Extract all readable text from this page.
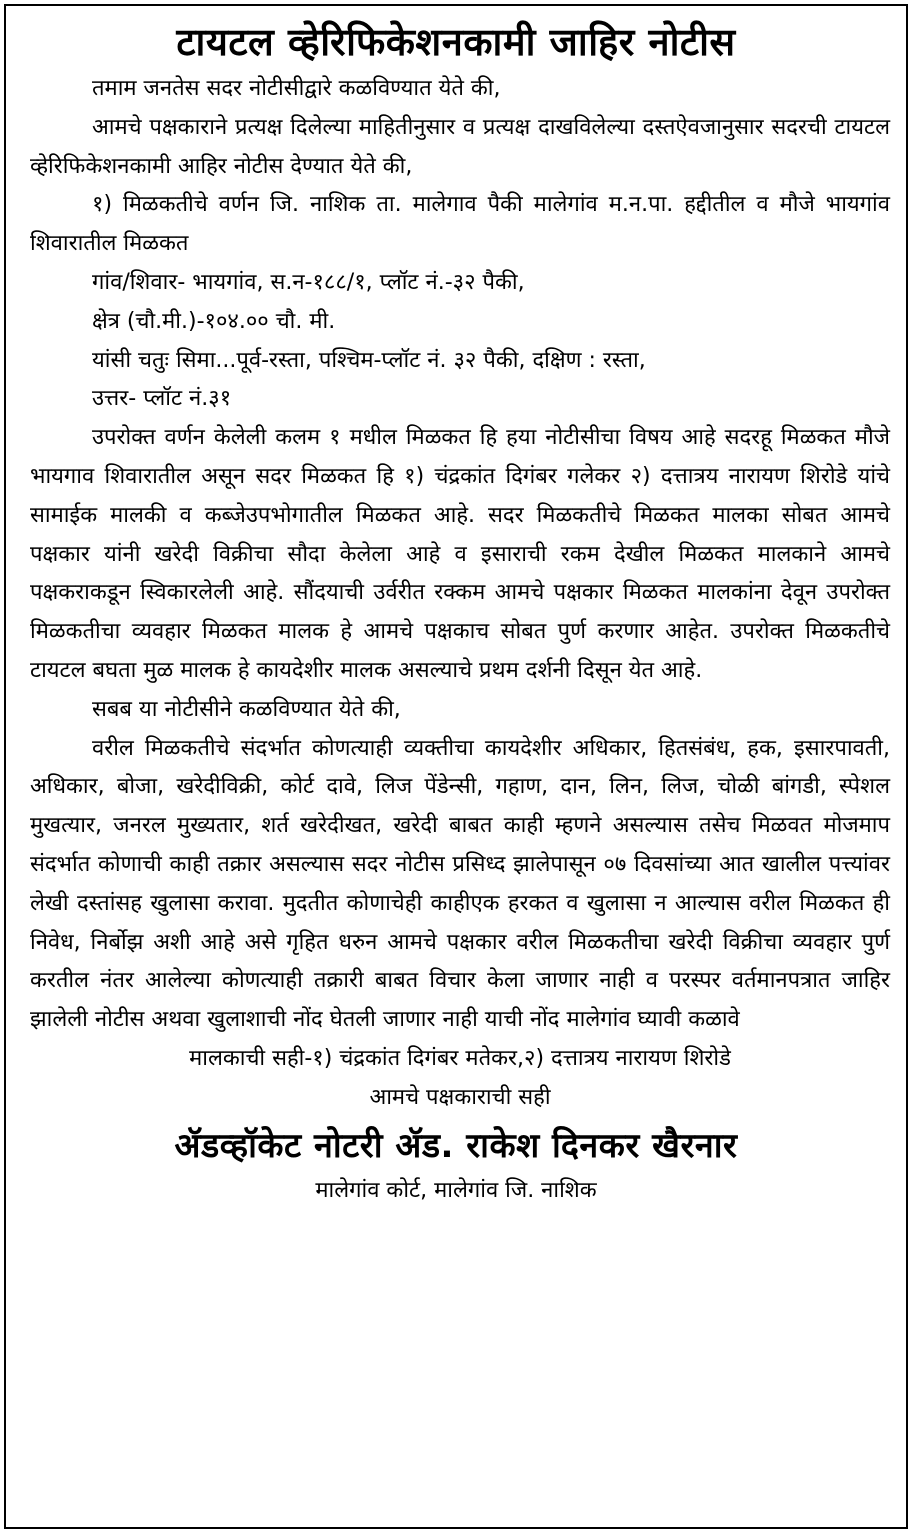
टायटल व्हेरिफिकेशनकामी जाहिर नोटीस

तमाम जनतेस सदर नोटीसीद्वारे कळविण्यात येते की,

आमचे पक्षकाराने प्रत्यक्ष दिलेल्या माहितीनुसार व प्रत्यक्ष दाखविलेल्या दस्तऐवजानुसार सदरची टायटल व्हेरिफिकेशनकामी आहिर नोटीस देण्यात येते की,

१) मिळकतीचे वर्णन जि. नाशिक ता. मालेगाव पैकी मालेगांव म.न.पा. हद्दीतील व मौजे भायगांव शिवारातील मिळकत

गांव/शिवार- भायगांव, स.न-१८८/१, प्लॉट नं.-३२ पैकी,

क्षेत्र (चौ.मी.)-१०४.०० चौ. मी.

यांसी चतुः सिमा...पूर्व-रस्ता, पश्चिम-प्लॉट नं. ३२ पैकी, दक्षिण : रस्ता,

उत्तर- प्लॉट नं.३१

उपरोक्त वर्णन केलेली कलम १ मधील मिळकत हि हया नोटीसीचा विषय आहे सदरहू मिळकत मौजे भायगाव शिवारातील असून सदर मिळकत हि १) चंद्रकांत दिगंबर गलेकर २) दत्तात्रय नारायण शिरोडे यांचे सामाईक मालकी व कब्जेउपभोगातील मिळकत आहे. सदर मिळकतीचे मिळकत मालका सोबत आमचे पक्षकार यांनी खरेदी विक्रीचा सौदा केलेला आहे व इसाराची रकम देखील मिळकत मालकाने आमचे पक्षकराकडून स्विकारलेली आहे. सौंदयाची उर्वरीत रक्कम आमचे पक्षकार मिळकत मालकांना देवून उपरोक्त मिळकतीचा व्यवहार मिळकत मालक हे आमचे पक्षकाच सोबत पुर्ण करणार आहेत. उपरोक्त मिळकतीचे टायटल बघता मुळ मालक हे कायदेशीर मालक असल्याचे प्रथम दर्शनी दिसून येत आहे.

सबब या नोटीसीने कळविण्यात येते की,

वरील मिळकतीचे संदर्भात कोणत्याही व्यक्तीचा कायदेशीर अधिकार, हितसंबंध, हक, इसारपावती, अधिकार, बोजा, खरेदीविक्री, कोर्ट दावे, लिज पेंडेन्सी, गहाण, दान, लिन, लिज, चोळी बांगडी, स्पेशल मुखत्यार, जनरल मुख्यतार, शर्त खरेदीखत, खरेदी बाबत काही म्हणने असल्यास तसेच मिळवत मोजमाप संदर्भात कोणाची काही तक्रार असल्यास सदर नोटीस प्रसिध्द झालेपासून ०७ दिवसांच्या आत खालील पत्त्यांवर लेखी दस्तांसह खुलासा करावा. मुदतीत कोणाचेही काहीएक हरकत व खुलासा न आल्यास वरील मिळकत ही निवेध, निर्बोझ अशी आहे असे गृहित धरुन आमचे पक्षकार वरील मिळकतीचा खरेदी विक्रीचा व्यवहार पुर्ण करतील नंतर आलेल्या कोणत्याही तक्रारी बाबत विचार केला जाणार नाही व परस्पर वर्तमानपत्रात जाहिर झालेली नोटीस अथवा खुलाशाची नोंद घेतली जाणार नाही याची नोंद मालेगांव घ्यावी कळावे

मालकाची सही-१) चंद्रकांत दिगंबर मतेकर,२) दत्तात्रय नारायण शिरोडे

आमचे पक्षकाराची सही

ॲडव्हॉकेट नोटरी ॲड. राकेश दिनकर खैरनार
मालेगांव कोर्ट, मालेगांव जि. नाशिक
